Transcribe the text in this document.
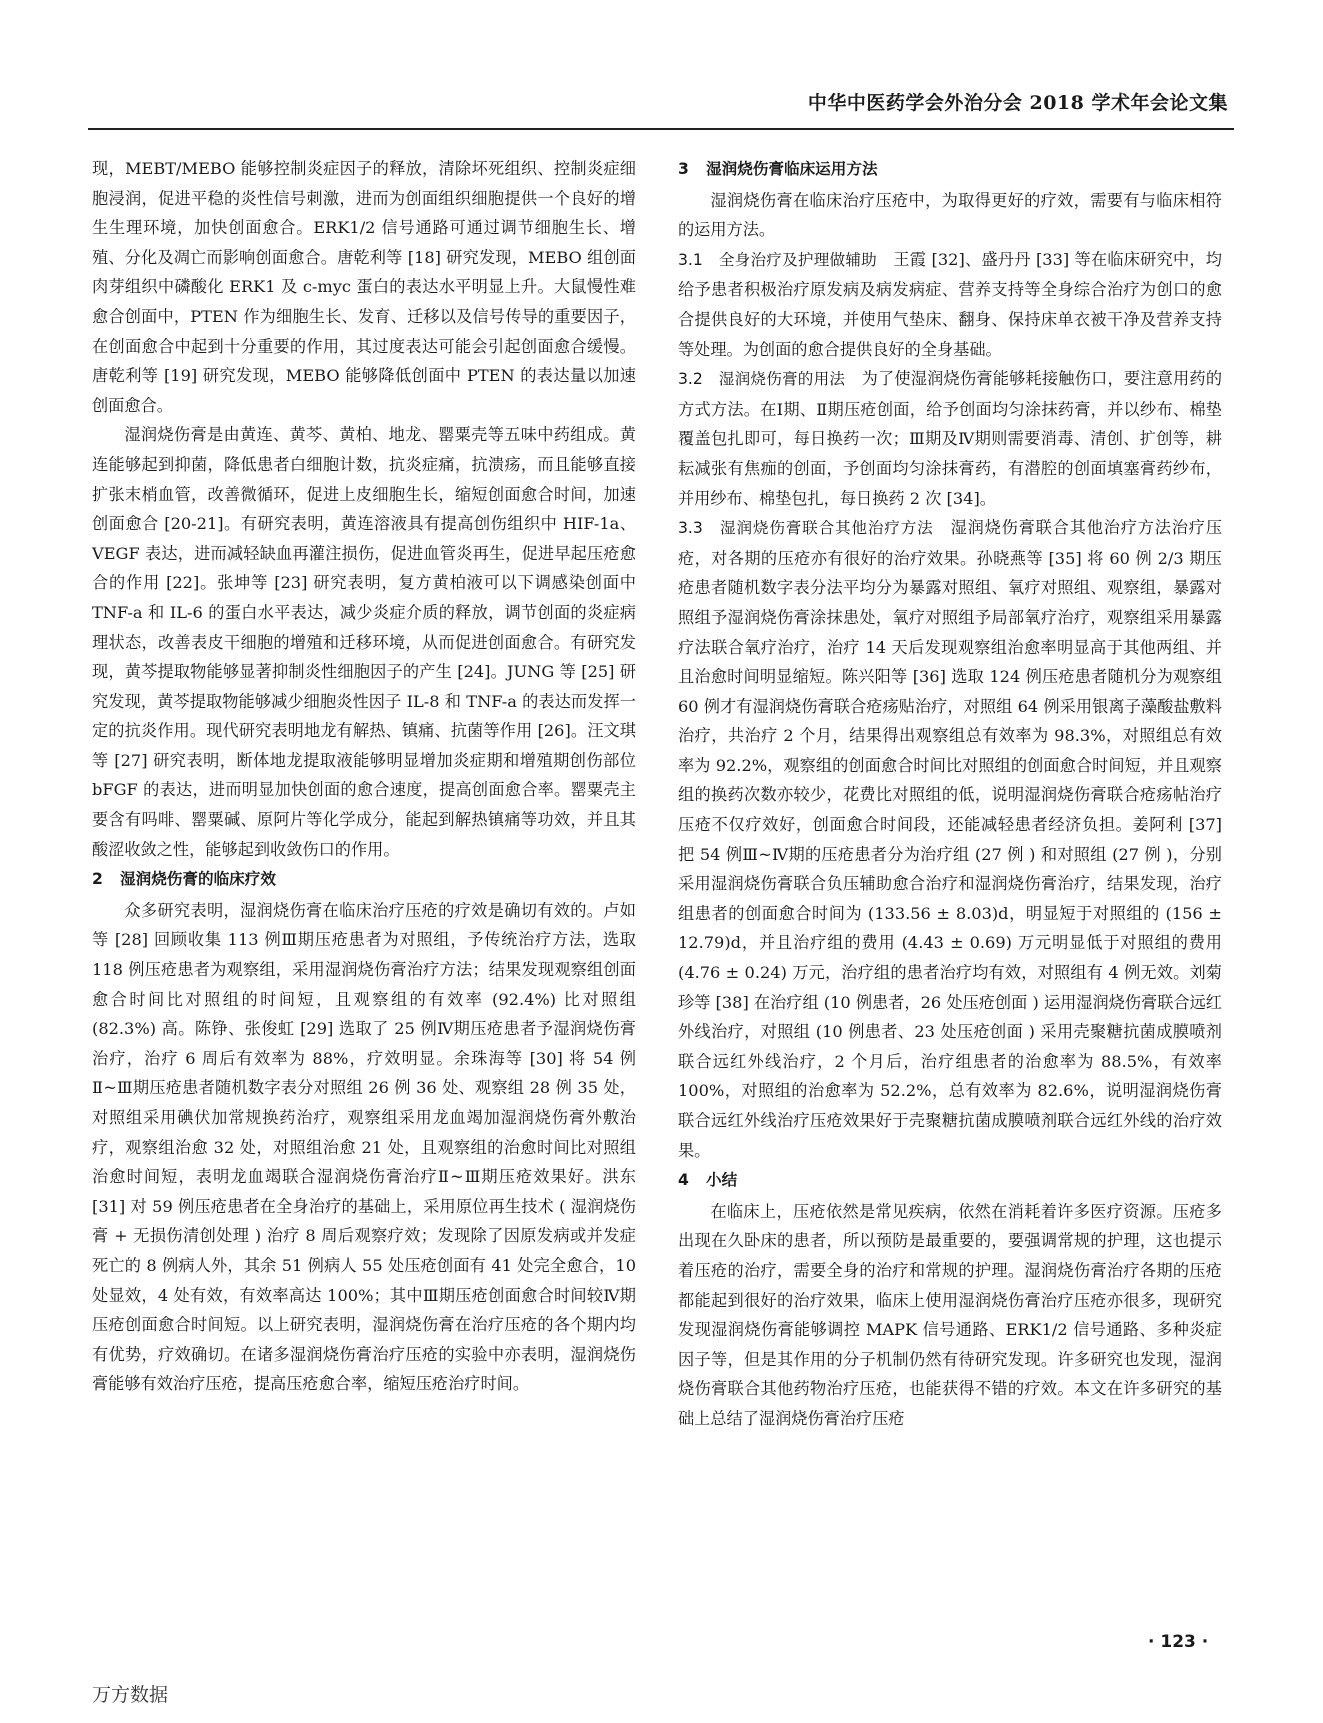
中华中医药学会外治分会 2018 学术年会论文集

现，MEBT/MEBO 能够控制炎症因子的释放，清除坏死组织、控制炎症细胞浸润，促进平稳的炎性信号刺激，进而为创面组织细胞提供一个良好的增生生理环境，加快创面愈合。ERK1/2 信号通路可通过调节细胞生长、增殖、分化及凋亡而影响创面愈合。唐乾利等 [18] 研究发现，MEBO 组创面肉芽组织中磷酸化 ERK1 及 c-myc 蛋白的表达水平明显上升。大鼠慢性难愈合创面中，PTEN 作为细胞生长、发育、迁移以及信号传导的重要因子，在创面愈合中起到十分重要的作用，其过度表达可能会引起创面愈合缓慢。唐乾利等 [19] 研究发现，MEBO 能够降低创面中 PTEN 的表达量以加速创面愈合。

湿润烧伤膏是由黄连、黄芩、黄柏、地龙、罂粟壳等五味中药组成。黄连能够起到抑菌，降低患者白细胞计数，抗炎症痛，抗溃疡，而且能够直接扩张末梢血管，改善微循环，促进上皮细胞生长，缩短创面愈合时间，加速创面愈合 [20-21]。有研究表明，黄连溶液具有提高创伤组织中 HIF-1a、VEGF 表达，进而减轻缺血再灌注损伤，促进血管炎再生，促进早起压疮愈合的作用 [22]。张坤等 [23] 研究表明，复方黄柏液可以下调感染创面中 TNF-a 和 IL-6 的蛋白水平表达，减少炎症介质的释放，调节创面的炎症病理状态，改善表皮干细胞的增殖和迁移环境，从而促进创面愈合。有研究发现，黄芩提取物能够显著抑制炎性细胞因子的产生 [24]。JUNG 等 [25] 研究发现，黄芩提取物能够减少细胞炎性因子 IL-8 和 TNF-a 的表达而发挥一定的抗炎作用。现代研究表明地龙有解热、镇痛、抗菌等作用 [26]。汪文琪等 [27] 研究表明，断体地龙提取液能够明显增加炎症期和增殖期创伤部位 bFGF 的表达，进而明显加快创面的愈合速度，提高创面愈合率。罂粟壳主要含有吗啡、罂粟碱、原阿片等化学成分，能起到解热镇痛等功效，并且其酸涩收敛之性，能够起到收敛伤口的作用。

2 湿润烧伤膏的临床疗效

众多研究表明，湿润烧伤膏在临床治疗压疮的疗效是确切有效的。卢如等 [28] 回顾收集 113 例Ⅲ期压疮患者为对照组，予传统治疗方法，选取 118 例压疮患者为观察组，采用湿润烧伤膏治疗方法；结果发现观察组创面愈合时间比对照组的时间短，且观察组的有效率 (92.4%) 比对照组 (82.3%) 高。陈铮、张俊虹 [29] 选取了 25 例Ⅳ期压疮患者予湿润烧伤膏治疗，治疗 6 周后有效率为 88%，疗效明显。余珠海等 [30] 将 54 例Ⅱ~Ⅲ期压疮患者随机数字表分对照组 26 例 36 处、观察组 28 例 35 处，对照组采用碘伏加常规换药治疗，观察组采用龙血竭加湿润烧伤膏外敷治疗，观察组治愈 32 处，对照组治愈 21 处，且观察组的治愈时间比对照组治愈时间短，表明龙血竭联合湿润烧伤膏治疗Ⅱ~Ⅲ期压疮效果好。洪东 [31] 对 59 例压疮患者在全身治疗的基础上，采用原位再生技术 ( 湿润烧伤膏 + 无损伤清创处理 ) 治疗 8 周后观察疗效；发现除了因原发病或并发症死亡的 8 例病人外，其余 51 例病人 55 处压疮创面有 41 处完全愈合，10 处显效，4 处有效，有效率高达 100%；其中Ⅲ期压疮创面愈合时间较Ⅳ期压疮创面愈合时间短。以上研究表明，湿润烧伤膏在治疗压疮的各个期内均有优势，疗效确切。在诸多湿润烧伤膏治疗压疮的实验中亦表明，湿润烧伤膏能够有效治疗压疮，提高压疮愈合率，缩短压疮治疗时间。

3 湿润烧伤膏临床运用方法

湿润烧伤膏在临床治疗压疮中，为取得更好的疗效，需要有与临床相符的运用方法。

3.1　全身治疗及护理做辅助　 王霞 [32]、盛丹丹 [33] 等在临床研究中，均给予患者积极治疗原发病及病发病症、营养支持等全身综合治疗为创口的愈合提供良好的大环境，并使用气垫床、翻身、保持床单衣被干净及营养支持等处理。为创面的愈合提供良好的全身基础。

3.2　湿润烧伤膏的用法　 为了使湿润烧伤膏能够耗接触伤口，要注意用药的方式方法。在Ⅰ期、Ⅱ期压疮创面，给予创面均匀涂抹药膏，并以纱布、棉垫覆盖包扎即可，每日换药一次；Ⅲ期及Ⅳ期则需要消毒、清创、扩创等，耕耘减张有焦痂的创面，予创面均匀涂抹膏药，有潜腔的创面填塞膏药纱布，并用纱布、棉垫包扎，每日换药 2 次 [34]。

3.3　湿润烧伤膏联合其他治疗方法　 湿润烧伤膏联合其他治疗方法治疗压疮，对各期的压疮亦有很好的治疗效果。孙晓燕等 [35] 将 60 例 2/3 期压疮患者随机数字表分法平均分为暴露对照组、氧疗对照组、观察组，暴露对照组予湿润烧伤膏涂抹患处，氧疗对照组予局部氧疗治疗，观察组采用暴露疗法联合氧疗治疗，治疗 14 天后发现观察组治愈率明显高于其他两组、并且治愈时间明显缩短。陈兴阳等 [36] 选取 124 例压疮患者随机分为观察组 60 例才有湿润烧伤膏联合疮疡贴治疗，对照组 64 例采用银离子藻酸盐敷料治疗，共治疗 2 个月，结果得出观察组总有效率为 98.3%，对照组总有效率为 92.2%，观察组的创面愈合时间比对照组的创面愈合时间短，并且观察组的换药次数亦较少，花费比对照组的低，说明湿润烧伤膏联合疮疡帖治疗压疮不仅疗效好，创面愈合时间段，还能减轻患者经济负担。姜阿利 [37] 把 54 例Ⅲ~Ⅳ期的压疮患者分为治疗组 (27 例 ) 和对照组 (27 例 )，分别采用湿润烧伤膏联合负压辅助愈合治疗和湿润烧伤膏治疗，结果发现，治疗组患者的创面愈合时间为 (133.56 ± 8.03)d，明显短于对照组的 (156 ± 12.79)d，并且治疗组的费用 (4.43 ± 0.69) 万元明显低于对照组的费用 (4.76 ± 0.24) 万元，治疗组的患者治疗均有效，对照组有 4 例无效。刘菊珍等 [38] 在治疗组 (10 例患者，26 处压疮创面 ) 运用湿润烧伤膏联合远红外线治疗，对照组 (10 例患者、23 处压疮创面 ) 采用壳聚糖抗菌成膜喷剂联合远红外线治疗，2 个月后，治疗组患者的治愈率为 88.5%，有效率 100%，对照组的治愈率为 52.2%，总有效率为 82.6%，说明湿润烧伤膏联合远红外线治疗压疮效果好于壳聚糖抗菌成膜喷剂联合远红外线的治疗效果。

4 小结

在临床上，压疮依然是常见疾病，依然在消耗着许多医疗资源。压疮多出现在久卧床的患者，所以预防是最重要的，要强调常规的护理，这也提示着压疮的治疗，需要全身的治疗和常规的护理。湿润烧伤膏治疗各期的压疮都能起到很好的治疗效果，临床上使用湿润烧伤膏治疗压疮亦很多，现研究发现湿润烧伤膏能够调控 MAPK 信号通路、ERK1/2 信号通路、多种炎症因子等，但是其作用的分子机制仍然有待研究发现。许多研究也发现，湿润烧伤膏联合其他药物治疗压疮，也能获得不错的疗效。本文在许多研究的基础上总结了湿润烧伤膏治疗压疮

· 123 ·
万方数据
